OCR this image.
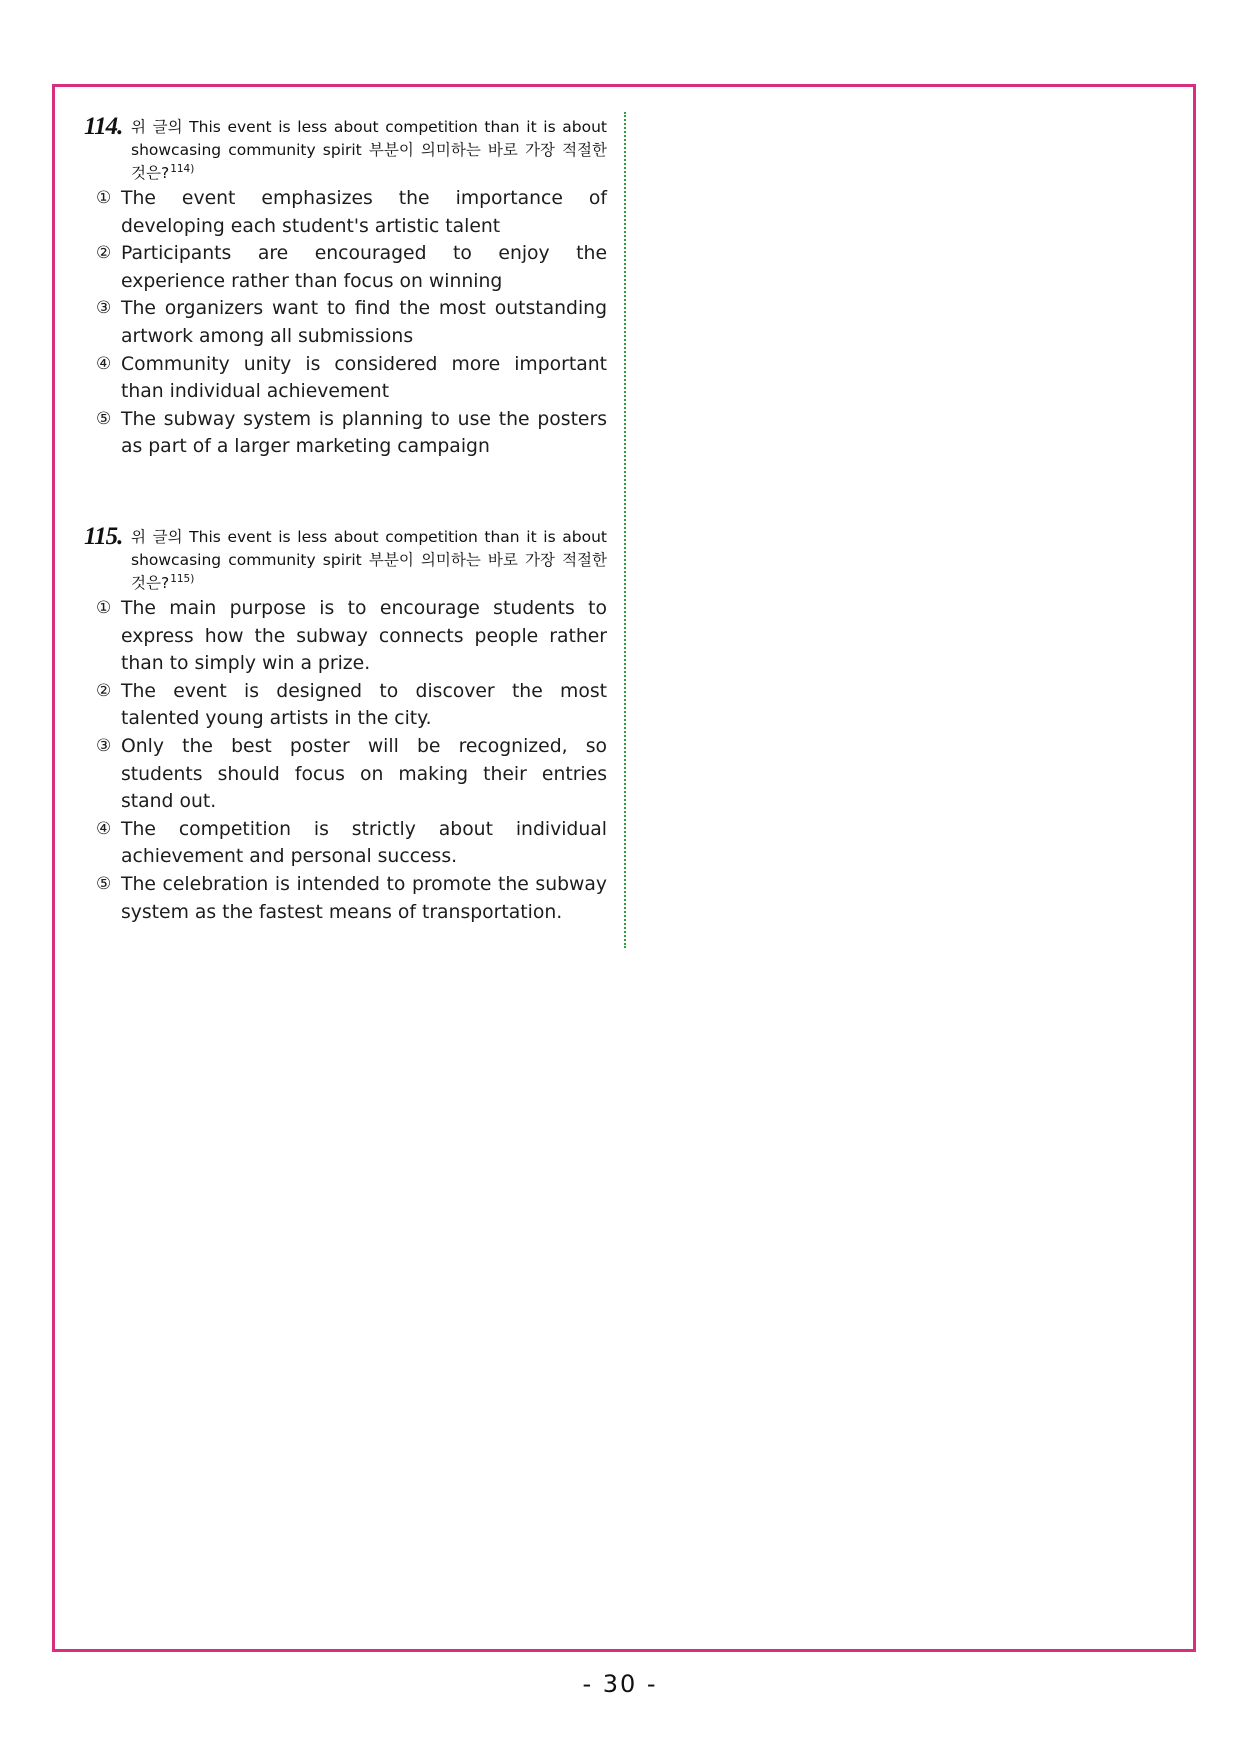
114. 위 글의 This event is less about competition than it is about showcasing community spirit 부분이 의미하는 바로 가장 적절한 것은?$^{114)}$
① The event emphasizes the importance of developing each student's artistic talent
② Participants are encouraged to enjoy the experience rather than focus on winning
③ The organizers want to find the most outstanding artwork among all submissions
④ Community unity is considered more important than individual achievement
⑤ The subway system is planning to use the posters as part of a larger marketing campaign
115. 위 글의 This event is less about competition than it is about showcasing community spirit 부분이 의미하는 바로 가장 적절한 것은?$^{115)}$
① The main purpose is to encourage students to express how the subway connects people rather than to simply win a prize.
② The event is designed to discover the most talented young artists in the city.
③ Only the best poster will be recognized, so students should focus on making their entries stand out.
④ The competition is strictly about individual achievement and personal success.
⑤ The celebration is intended to promote the subway system as the fastest means of transportation.
- 30 -
